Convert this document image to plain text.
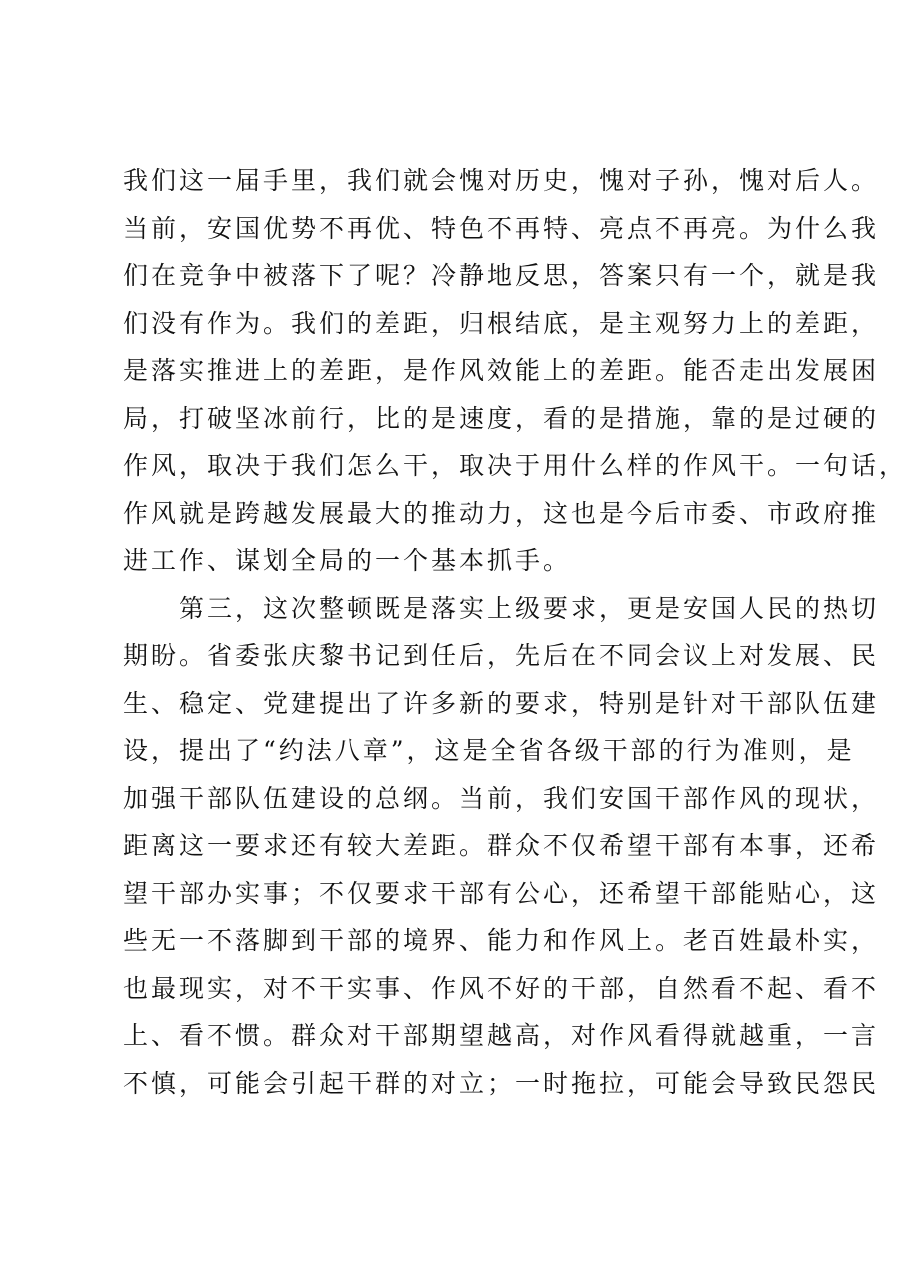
我们这一届手里，我们就会愧对历史，愧对子孙，愧对后人。
当前，安国优势不再优、特色不再特、亮点不再亮。为什么我
们在竞争中被落下了呢？冷静地反思，答案只有一个，就是我
们没有作为。我们的差距，归根结底，是主观努力上的差距，
是落实推进上的差距，是作风效能上的差距。能否走出发展困
局，打破坚冰前行，比的是速度，看的是措施，靠的是过硬的
作风，取决于我们怎么干，取决于用什么样的作风干。一句话，
作风就是跨越发展最大的推动力，这也是今后市委、市政府推
进工作、谋划全局的一个基本抓手。
　　第三，这次整顿既是落实上级要求，更是安国人民的热切
期盼。省委张庆黎书记到任后，先后在不同会议上对发展、民
生、稳定、党建提出了许多新的要求，特别是针对干部队伍建
设，提出了“约法八章”，这是全省各级干部的行为准则，是
加强干部队伍建设的总纲。当前，我们安国干部作风的现状，
距离这一要求还有较大差距。群众不仅希望干部有本事，还希
望干部办实事；不仅要求干部有公心，还希望干部能贴心，这
些无一不落脚到干部的境界、能力和作风上。老百姓最朴实，
也最现实，对不干实事、作风不好的干部，自然看不起、看不
上、看不惯。群众对干部期望越高，对作风看得就越重，一言
不慎，可能会引起干群的对立；一时拖拉，可能会导致民怨民
